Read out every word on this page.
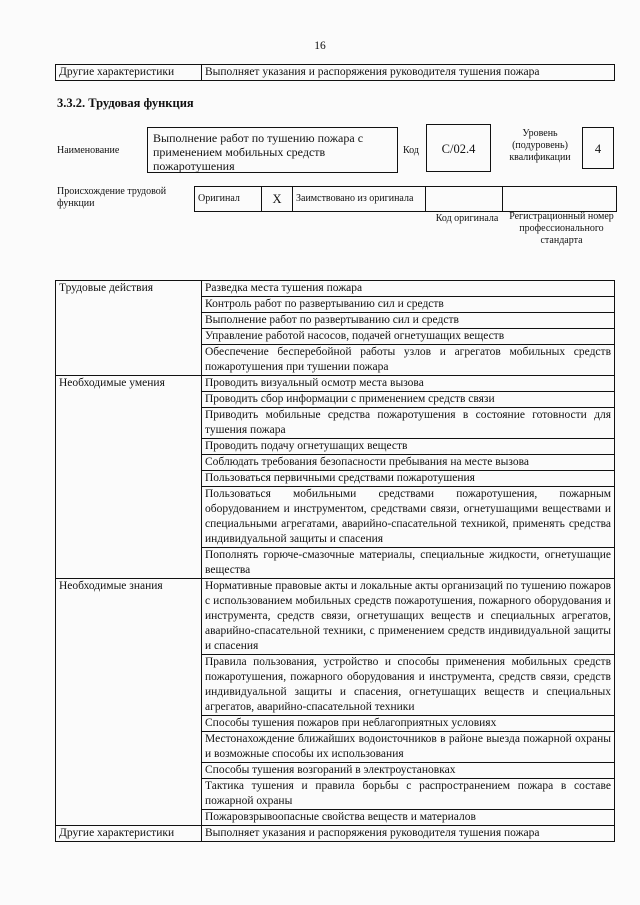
16
Другие характеристики	Выполняет указания и распоряжения руководителя тушения пожара
3.3.2. Трудовая функция
Наименование
Выполнение работ по тушению пожара с применением мобильных средств пожаротушения
Код	С/02.4
Уровень (подуровень) квалификации
4
Происхождение трудовой функции	Оригинал	X	Заимствовано из оригинала		
Код оригинала	Регистрационный номер профессионального стандарта
Трудовые действия	Разведка места тушения пожара
	Контроль работ по развертыванию сил и средств
	Выполнение работ по развертыванию сил и средств
	Управление работой насосов, подачей огнетушащих веществ
	Обеспечение бесперебойной работы узлов и агрегатов мобильных средств пожаротушения при тушении пожара
Необходимые умения	Проводить визуальный осмотр места вызова
	Проводить сбор информации с применением средств связи
	Приводить мобильные средства пожаротушения в состояние готовности для тушения пожара
	Проводить подачу огнетушащих веществ
	Соблюдать требования безопасности пребывания на месте вызова
	Пользоваться первичными средствами пожаротушения
	Пользоваться мобильными средствами пожаротушения, пожарным оборудованием и инструментом, средствами связи, огнетушащими веществами и специальными агрегатами, аварийно-спасательной техникой, применять средства индивидуальной защиты и спасения
	Пополнять горюче-смазочные материалы, специальные жидкости, огнетушащие вещества
Необходимые знания	Нормативные правовые акты и локальные акты организаций по тушению пожаров с использованием мобильных средств пожаротушения, пожарного оборудования и инструмента, средств связи, огнетушащих веществ и специальных агрегатов, аварийно-спасательной техники, с применением средств индивидуальной защиты и спасения
	Правила пользования, устройство и способы применения мобильных средств пожаротушения, пожарного оборудования и инструмента, средств связи, средств индивидуальной защиты и спасения, огнетушащих веществ и специальных агрегатов, аварийно-спасательной техники
	Способы тушения пожаров при неблагоприятных условиях
	Местонахождение ближайших водоисточников в районе выезда пожарной охраны и возможные способы их использования
	Способы тушения возгораний в электроустановках
	Тактика тушения и правила борьбы с распространением пожара в составе пожарной охраны
	Пожаровзрывоопасные свойства веществ и материалов
Другие характеристики	Выполняет указания и распоряжения руководителя тушения пожара
